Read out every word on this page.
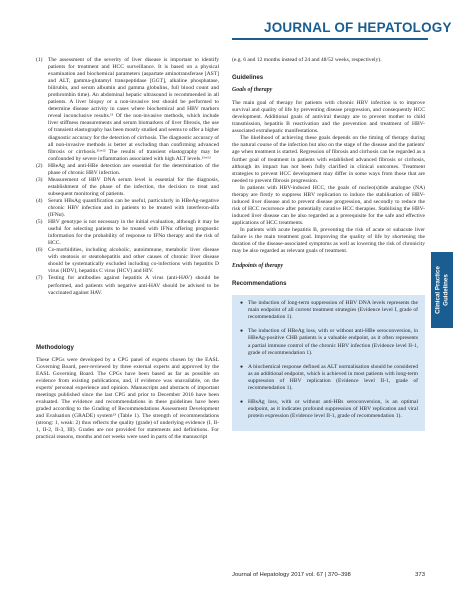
JOURNAL OF HEPATOLOGY
(1) The assessment of the severity of liver disease is important to identify patients for treatment and HCC surveillance. It is based on a physical examination and biochemical parameters (aspartate aminotransferase [AST] and ALT, gamma-glutamyl transpeptidase [GGT], alkaline phosphatase, bilirubin, and serum albumin and gamma globulins, full blood count and prothrombin time). An abdominal hepatic ultrasound is recommended in all patients. A liver biopsy or a non-invasive test should be performed to determine disease activity in cases where biochemical and HBV markers reveal inconclusive results.¹¹ Of the non-invasive methods, which include liver stiffness measurements and serum biomarkers of liver fibrosis, the use of transient elastography has been mostly studied and seems to offer a higher diagnostic accuracy for the detection of cirrhosis. The diagnostic accuracy of all non-invasive methods is better at excluding than confirming advanced fibrosis or cirrhosis.¹¹ʷ¹² The results of transient elastography may be confounded by severe inflammation associated with high ALT levels.¹¹ʷ¹²
(2) HBeAg and anti-HBe detection are essential for the determination of the phase of chronic HBV infection.
(3) Measurement of HBV DNA serum level is essential for the diagnosis, establishment of the phase of the infection, the decision to treat and subsequent monitoring of patients.
(4) Serum HBsAg quantification can be useful, particularly in HBeAg-negative chronic HBV infection and in patients to be treated with interferon-alfa (IFNα).
(5) HBV genotype is not necessary in the initial evaluation, although it may be useful for selecting patients to be treated with IFNα offering prognostic information for the probability of response to IFNα therapy and the risk of HCC.
(6) Co-morbidities, including alcoholic, autoimmune, metabolic liver disease with steatosis or steatohepatitis and other causes of chronic liver disease should be systematically excluded including co-infections with hepatitis D virus (HDV), hepatitis C virus (HCV) and HIV.
(7) Testing for antibodies against hepatitis A virus (anti-HAV) should be performed, and patients with negative anti-HAV should be advised to be vaccinated against HAV.

Methodology

These CPGs were developed by a CPG panel of experts chosen by the EASL Governing Board, peer-reviewed by three external experts and approved by the EASL Governing Board. The CPGs have been based as far as possible on evidence from existing publications, and, if evidence was unavailable, on the experts' personal experience and opinion. Manuscripts and abstracts of important meetings published since the last CPG and prior to December 2016 have been evaluated. The evidence and recommendations in these guidelines have been graded according to the Grading of Recommendations Assessment Development and Evaluation (GRADE) system¹³ (Table 1). The strength of recommendations (strong: 1, weak: 2) thus reflects the quality (grade) of underlying evidence (I, II-1, II-2, II-3, III). Grades are not provided for statements and definitions. For practical reasons, months and not weeks were used in parts of the manuscript

(e.g. 6 and 12 months instead of 24 and 48/52 weeks, respectively).

Guidelines

Goals of therapy

The main goal of therapy for patients with chronic HBV infection is to improve survival and quality of life by preventing disease progression, and consequently HCC development. Additional goals of antiviral therapy are to prevent mother to child transmission, hepatitis B reactivation and the prevention and treatment of HBV-associated extrahepatic manifestations.

The likelihood of achieving these goals depends on the timing of therapy during the natural course of the infection but also on the stage of the disease and the patients' age when treatment is started. Regression of fibrosis and cirrhosis can be regarded as a further goal of treatment in patients with established advanced fibrosis or cirrhosis, although its impact has not been fully clarified in clinical outcomes. Treatment strategies to prevent HCC development may differ in some ways from those that are needed to prevent fibrosis progression.

In patients with HBV-induced HCC, the goals of nucleo(s)tide analogue (NA) therapy are firstly to suppress HBV replication to induce the stabilisation of HBV-induced liver disease and to prevent disease progression, and secondly to reduce the risk of HCC recurrence after potentially curative HCC therapies. Stabilising the HBV-induced liver disease can be also regarded as a prerequisite for the safe and effective applications of HCC treatments.

In patients with acute hepatitis B, preventing the risk of acute or subacute liver failure is the main treatment goal. Improving the quality of life by shortening the duration of the disease-associated symptoms as well as lowering the risk of chronicity may be also regarded as relevant goals of treatment.

Endpoints of therapy

Recommendations

● The induction of long-term suppression of HBV DNA levels represents the main endpoint of all current treatment strategies (Evidence level I, grade of recommendation 1).
● The induction of HBeAg loss, with or without anti-HBe seroconversion, in HBeAg-positive CHB patients is a valuable endpoint, as it often represents a partial immune control of the chronic HBV infection (Evidence level II-1, grade of recommendation 1).
● A biochemical response defined as ALT normalisation should be considered as an additional endpoint, which is achieved in most patients with long-term suppression of HBV replication (Evidence level II-1, grade of recommendation 1).
● HBsAg loss, with or without anti-HBs seroconversion, is an optimal endpoint, as it indicates profound suppression of HBV replication and viral protein expression (Evidence level II-1, grade of recommendation 1).
Clinical Practice Guidelines
Journal of Hepatology 2017 vol. 67 | 370–398	373
